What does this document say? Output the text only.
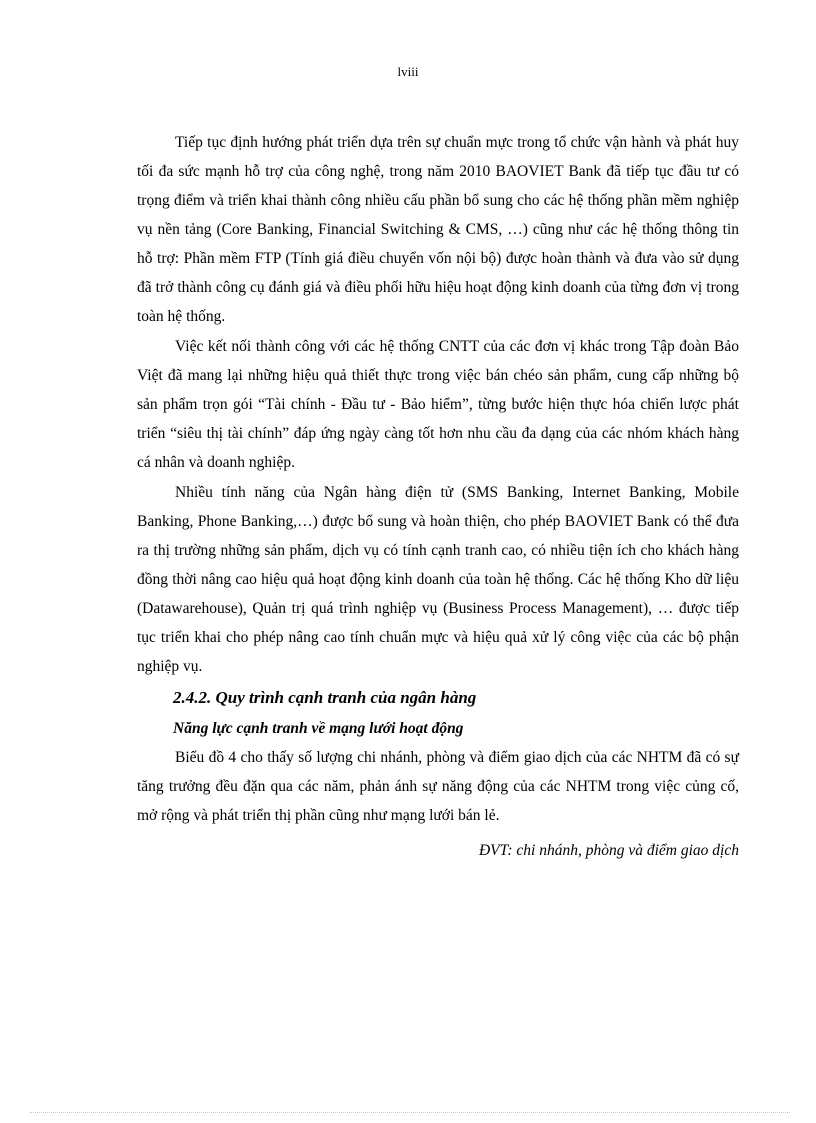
lviii

Tiếp tục định hướng phát triển dựa trên sự chuẩn mực trong tổ chức vận hành và phát huy tối đa sức mạnh hỗ trợ của công nghệ, trong năm 2010 BAOVIET Bank đã tiếp tục đầu tư có trọng điểm và triển khai thành công nhiều cấu phần bổ sung cho các hệ thống phần mềm nghiệp vụ nền tảng (Core Banking, Financial Switching & CMS, …) cũng như các hệ thống thông tin hỗ trợ: Phần mềm FTP (Tính giá điều chuyển vốn nội bộ) được hoàn thành và đưa vào sử dụng đã trở thành công cụ đánh giá và điều phối hữu hiệu hoạt động kinh doanh của từng đơn vị trong toàn hệ thống.

Việc kết nối thành công với các hệ thống CNTT của các đơn vị khác trong Tập đoàn Bảo Việt đã mang lại những hiệu quả thiết thực trong việc bán chéo sản phẩm, cung cấp những bộ sản phẩm trọn gói “Tài chính - Đầu tư - Bảo hiểm”, từng bước hiện thực hóa chiến lược phát triển “siêu thị tài chính” đáp ứng ngày càng tốt hơn nhu cầu đa dạng của các nhóm khách hàng cá nhân và doanh nghiệp.

Nhiều tính năng của Ngân hàng điện tử (SMS Banking, Internet Banking, Mobile Banking, Phone Banking,…) được bổ sung và hoàn thiện, cho phép BAOVIET Bank có thể đưa ra thị trường những sản phẩm, dịch vụ có tính cạnh tranh cao, có nhiều tiện ích cho khách hàng đồng thời nâng cao hiệu quả hoạt động kinh doanh của toàn hệ thống. Các hệ thống Kho dữ liệu (Datawarehouse), Quản trị quá trình nghiệp vụ (Business Process Management), … được tiếp tục triển khai cho phép nâng cao tính chuẩn mực và hiệu quả xử lý công việc của các bộ phận nghiệp vụ.

2.4.2. Quy trình cạnh tranh của ngân hàng

Năng lực cạnh tranh về mạng lưới hoạt động

Biểu đồ 4 cho thấy số lượng chi nhánh, phòng và điểm giao dịch của các NHTM đã có sự tăng trưởng đều đặn qua các năm, phản ánh sự năng động của các NHTM trong việc củng cố, mở rộng và phát triển thị phần cũng như mạng lưới bán lẻ.

ĐVT: chi nhánh, phòng và điểm giao dịch
